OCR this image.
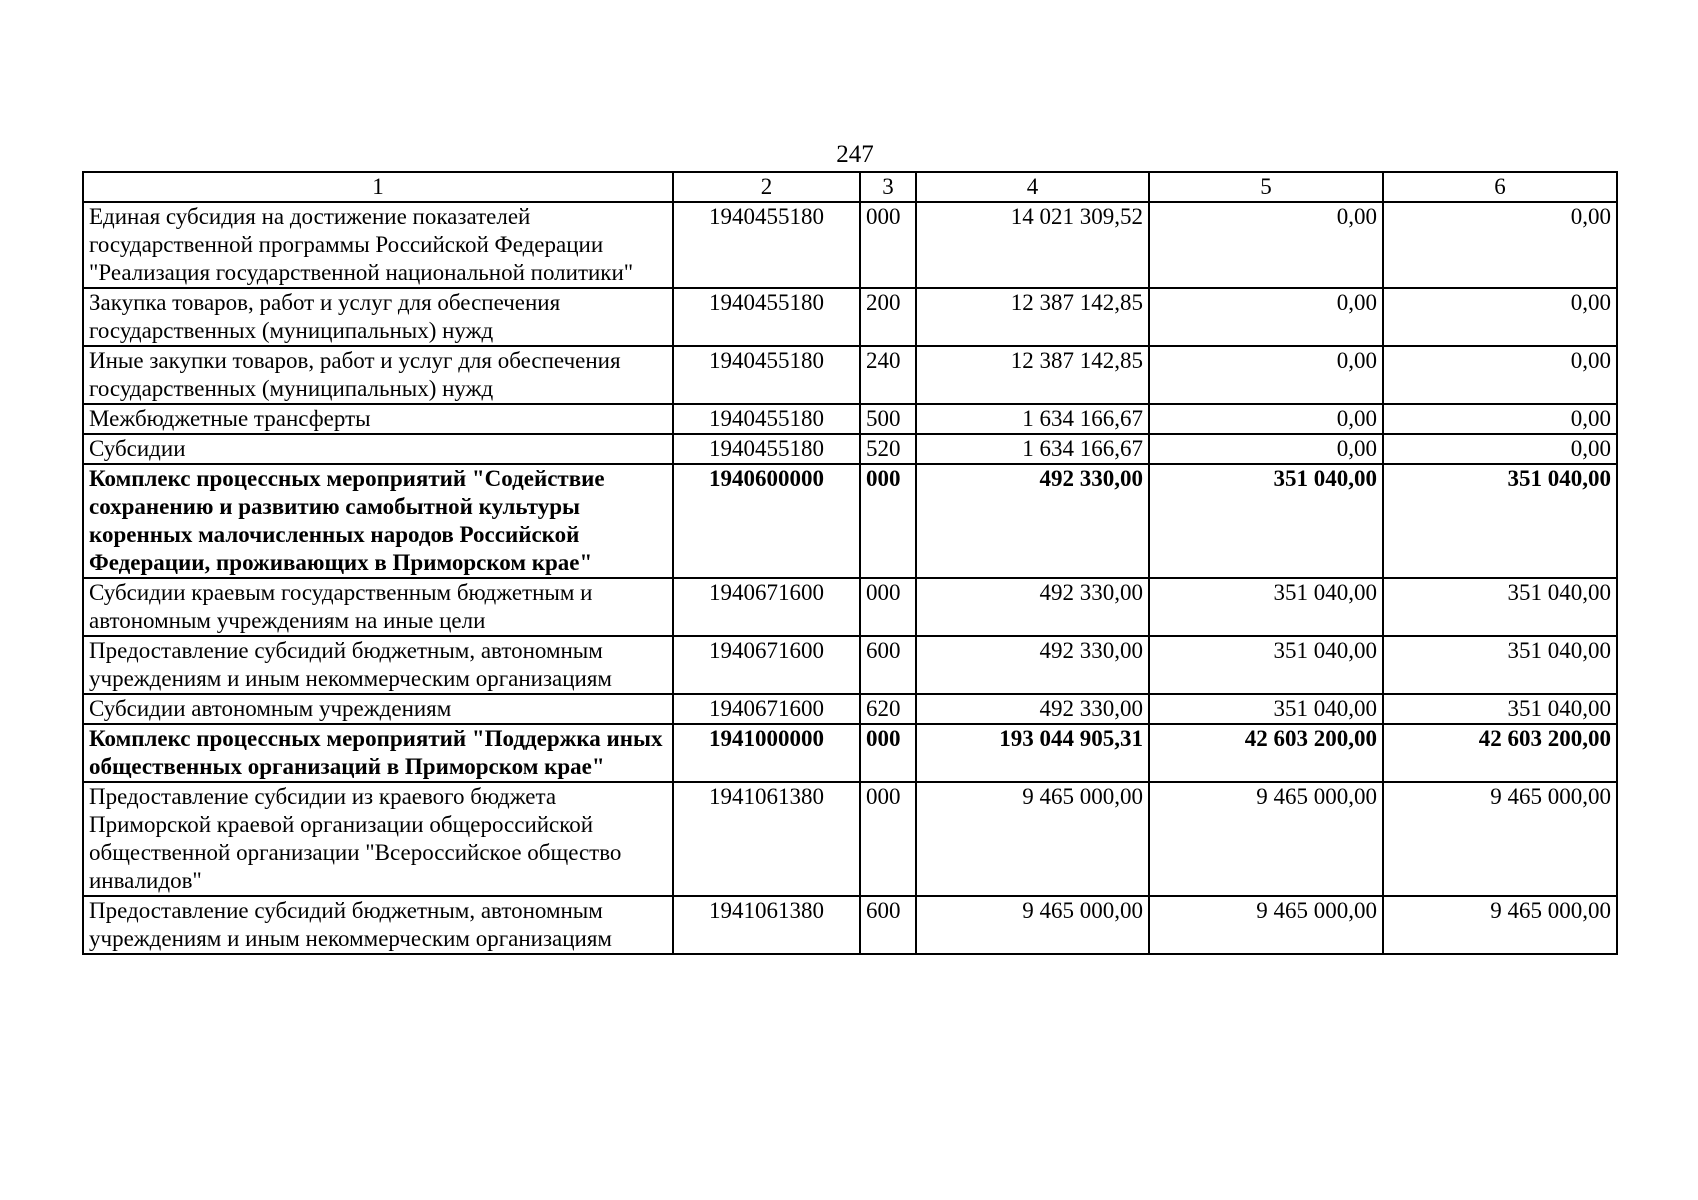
247
1	2	3	4	5	6
Единая субсидия на достижение показателей государственной программы Российской Федерации "Реализация государственной национальной политики"	1940455180	000	14 021 309,52	0,00	0,00
Закупка товаров, работ и услуг для обеспечения государственных (муниципальных) нужд	1940455180	200	12 387 142,85	0,00	0,00
Иные закупки товаров, работ и услуг для обеспечения государственных (муниципальных) нужд	1940455180	240	12 387 142,85	0,00	0,00
Межбюджетные трансферты	1940455180	500	1 634 166,67	0,00	0,00
Субсидии	1940455180	520	1 634 166,67	0,00	0,00
Комплекс процессных мероприятий "Содействие сохранению и развитию самобытной культуры коренных малочисленных народов Российской Федерации, проживающих в Приморском крае"	1940600000	000	492 330,00	351 040,00	351 040,00
Субсидии краевым государственным бюджетным и автономным учреждениям на иные цели	1940671600	000	492 330,00	351 040,00	351 040,00
Предоставление субсидий бюджетным, автономным учреждениям и иным некоммерческим организациям	1940671600	600	492 330,00	351 040,00	351 040,00
Субсидии автономным учреждениям	1940671600	620	492 330,00	351 040,00	351 040,00
Комплекс процессных мероприятий "Поддержка иных общественных организаций в Приморском крае"	1941000000	000	193 044 905,31	42 603 200,00	42 603 200,00
Предоставление субсидии из краевого бюджета Приморской краевой организации общероссийской общественной организации "Всероссийское общество инвалидов"	1941061380	000	9 465 000,00	9 465 000,00	9 465 000,00
Предоставление субсидий бюджетным, автономным учреждениям и иным некоммерческим организациям	1941061380	600	9 465 000,00	9 465 000,00	9 465 000,00
